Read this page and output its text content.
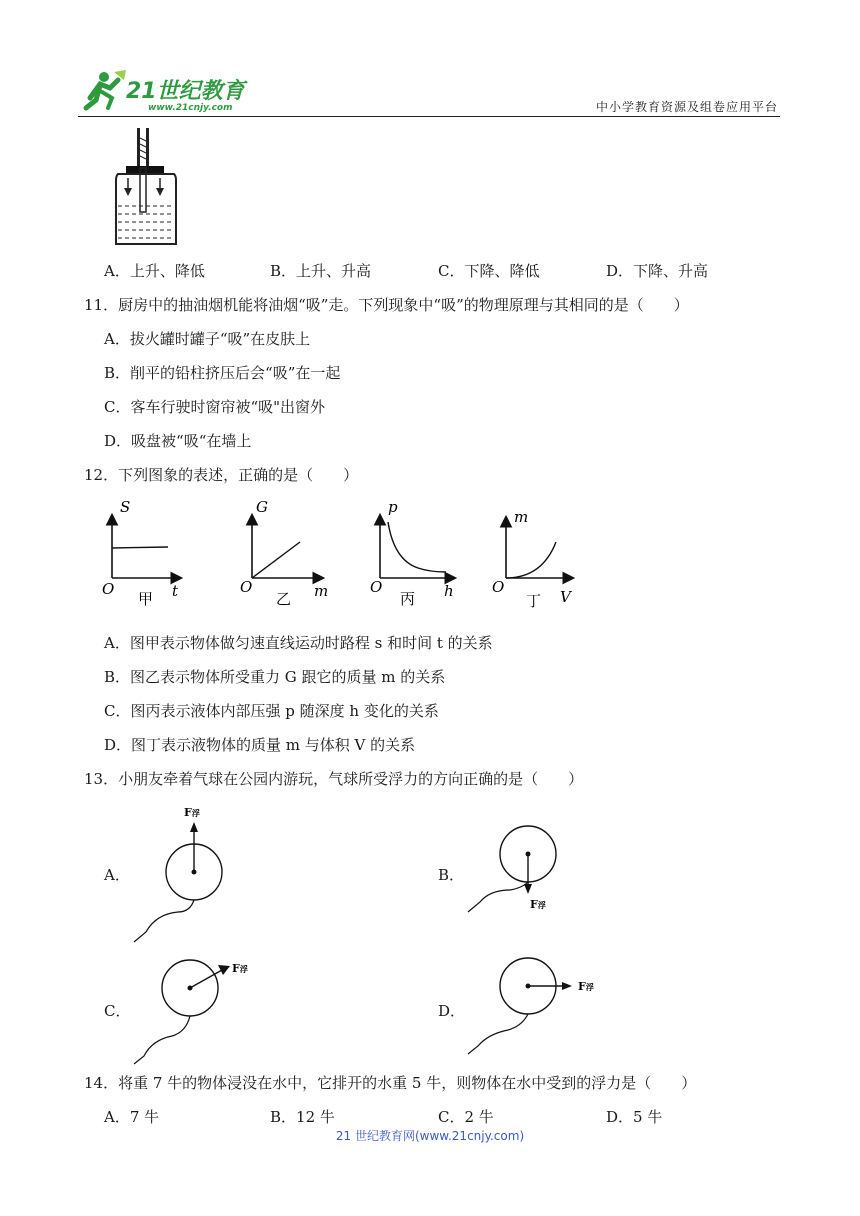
21世纪教育
www.21cnjy.com	中小学教育资源及组卷应用平台
A．上升、降低	B．上升、升高	C．下降、降低	D．下降、升高
11．厨房中的抽油烟机能将油烟“吸”走。下列现象中“吸”的物理原理与其相同的是（　　）
A．拔火罐时罐子“吸”在皮肤上
B．削平的铅柱挤压后会“吸”在一起
C．客车行驶时窗帘被“吸"出窗外
D．吸盘被“吸“在墙上
12．下列图象的表述，正确的是（　　）
S
O	t
甲
G
O	m
乙
p
O	h
丙
m
O
V
丁
A．图甲表示物体做匀速直线运动时路程 s 和时间 t 的关系
B．图乙表示物体所受重力 G 跟它的质量 m 的关系
C．图丙表示液体内部压强 p 随深度 h 变化的关系
D．图丁表示液物体的质量 m 与体积 V 的关系
13．小朋友牵着气球在公园内游玩，气球所受浮力的方向正确的是（　　）
A．	B．
C．	D．
F浮
F浮
F浮
F浮
14．将重 7 牛的物体浸没在水中，它排开的水重 5 牛，则物体在水中受到的浮力是（　　）
A．7 牛	B．12 牛	C．2 牛	D．5 牛
21 世纪教育网(www.21cnjy.com)
